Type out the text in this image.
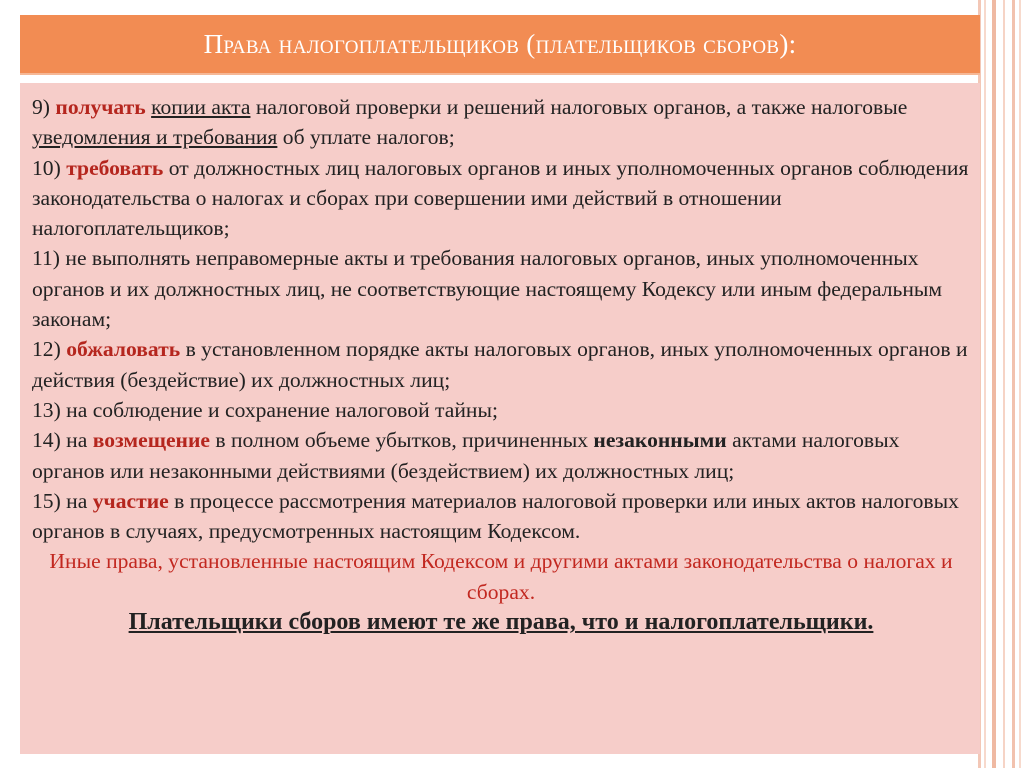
Права налогоплательщиков (плательщиков сборов):

9) получать копии акта налоговой проверки и решений налоговых органов, а также налоговые уведомления и требования об уплате налогов;

10) требовать от должностных лиц налоговых органов и иных уполномоченных органов соблюдения законодательства о налогах и сборах при совершении ими действий в отношении налогоплательщиков;

11) не выполнять неправомерные акты и требования налоговых органов, иных уполномоченных органов и их должностных лиц, не соответствующие настоящему Кодексу или иным федеральным законам;

12) обжаловать в установленном порядке акты налоговых органов, иных уполномоченных органов и действия (бездействие) их должностных лиц;

13) на соблюдение и сохранение налоговой тайны;

14) на возмещение в полном объеме убытков, причиненных незаконными актами налоговых органов или незаконными действиями (бездействием) их должностных лиц;

15) на участие в процессе рассмотрения материалов налоговой проверки или иных актов налоговых органов в случаях, предусмотренных настоящим Кодексом.

Иные права, установленные настоящим Кодексом и другими актами законодательства о налогах и сборах.

Плательщики сборов имеют те же права, что и налогоплательщики.
